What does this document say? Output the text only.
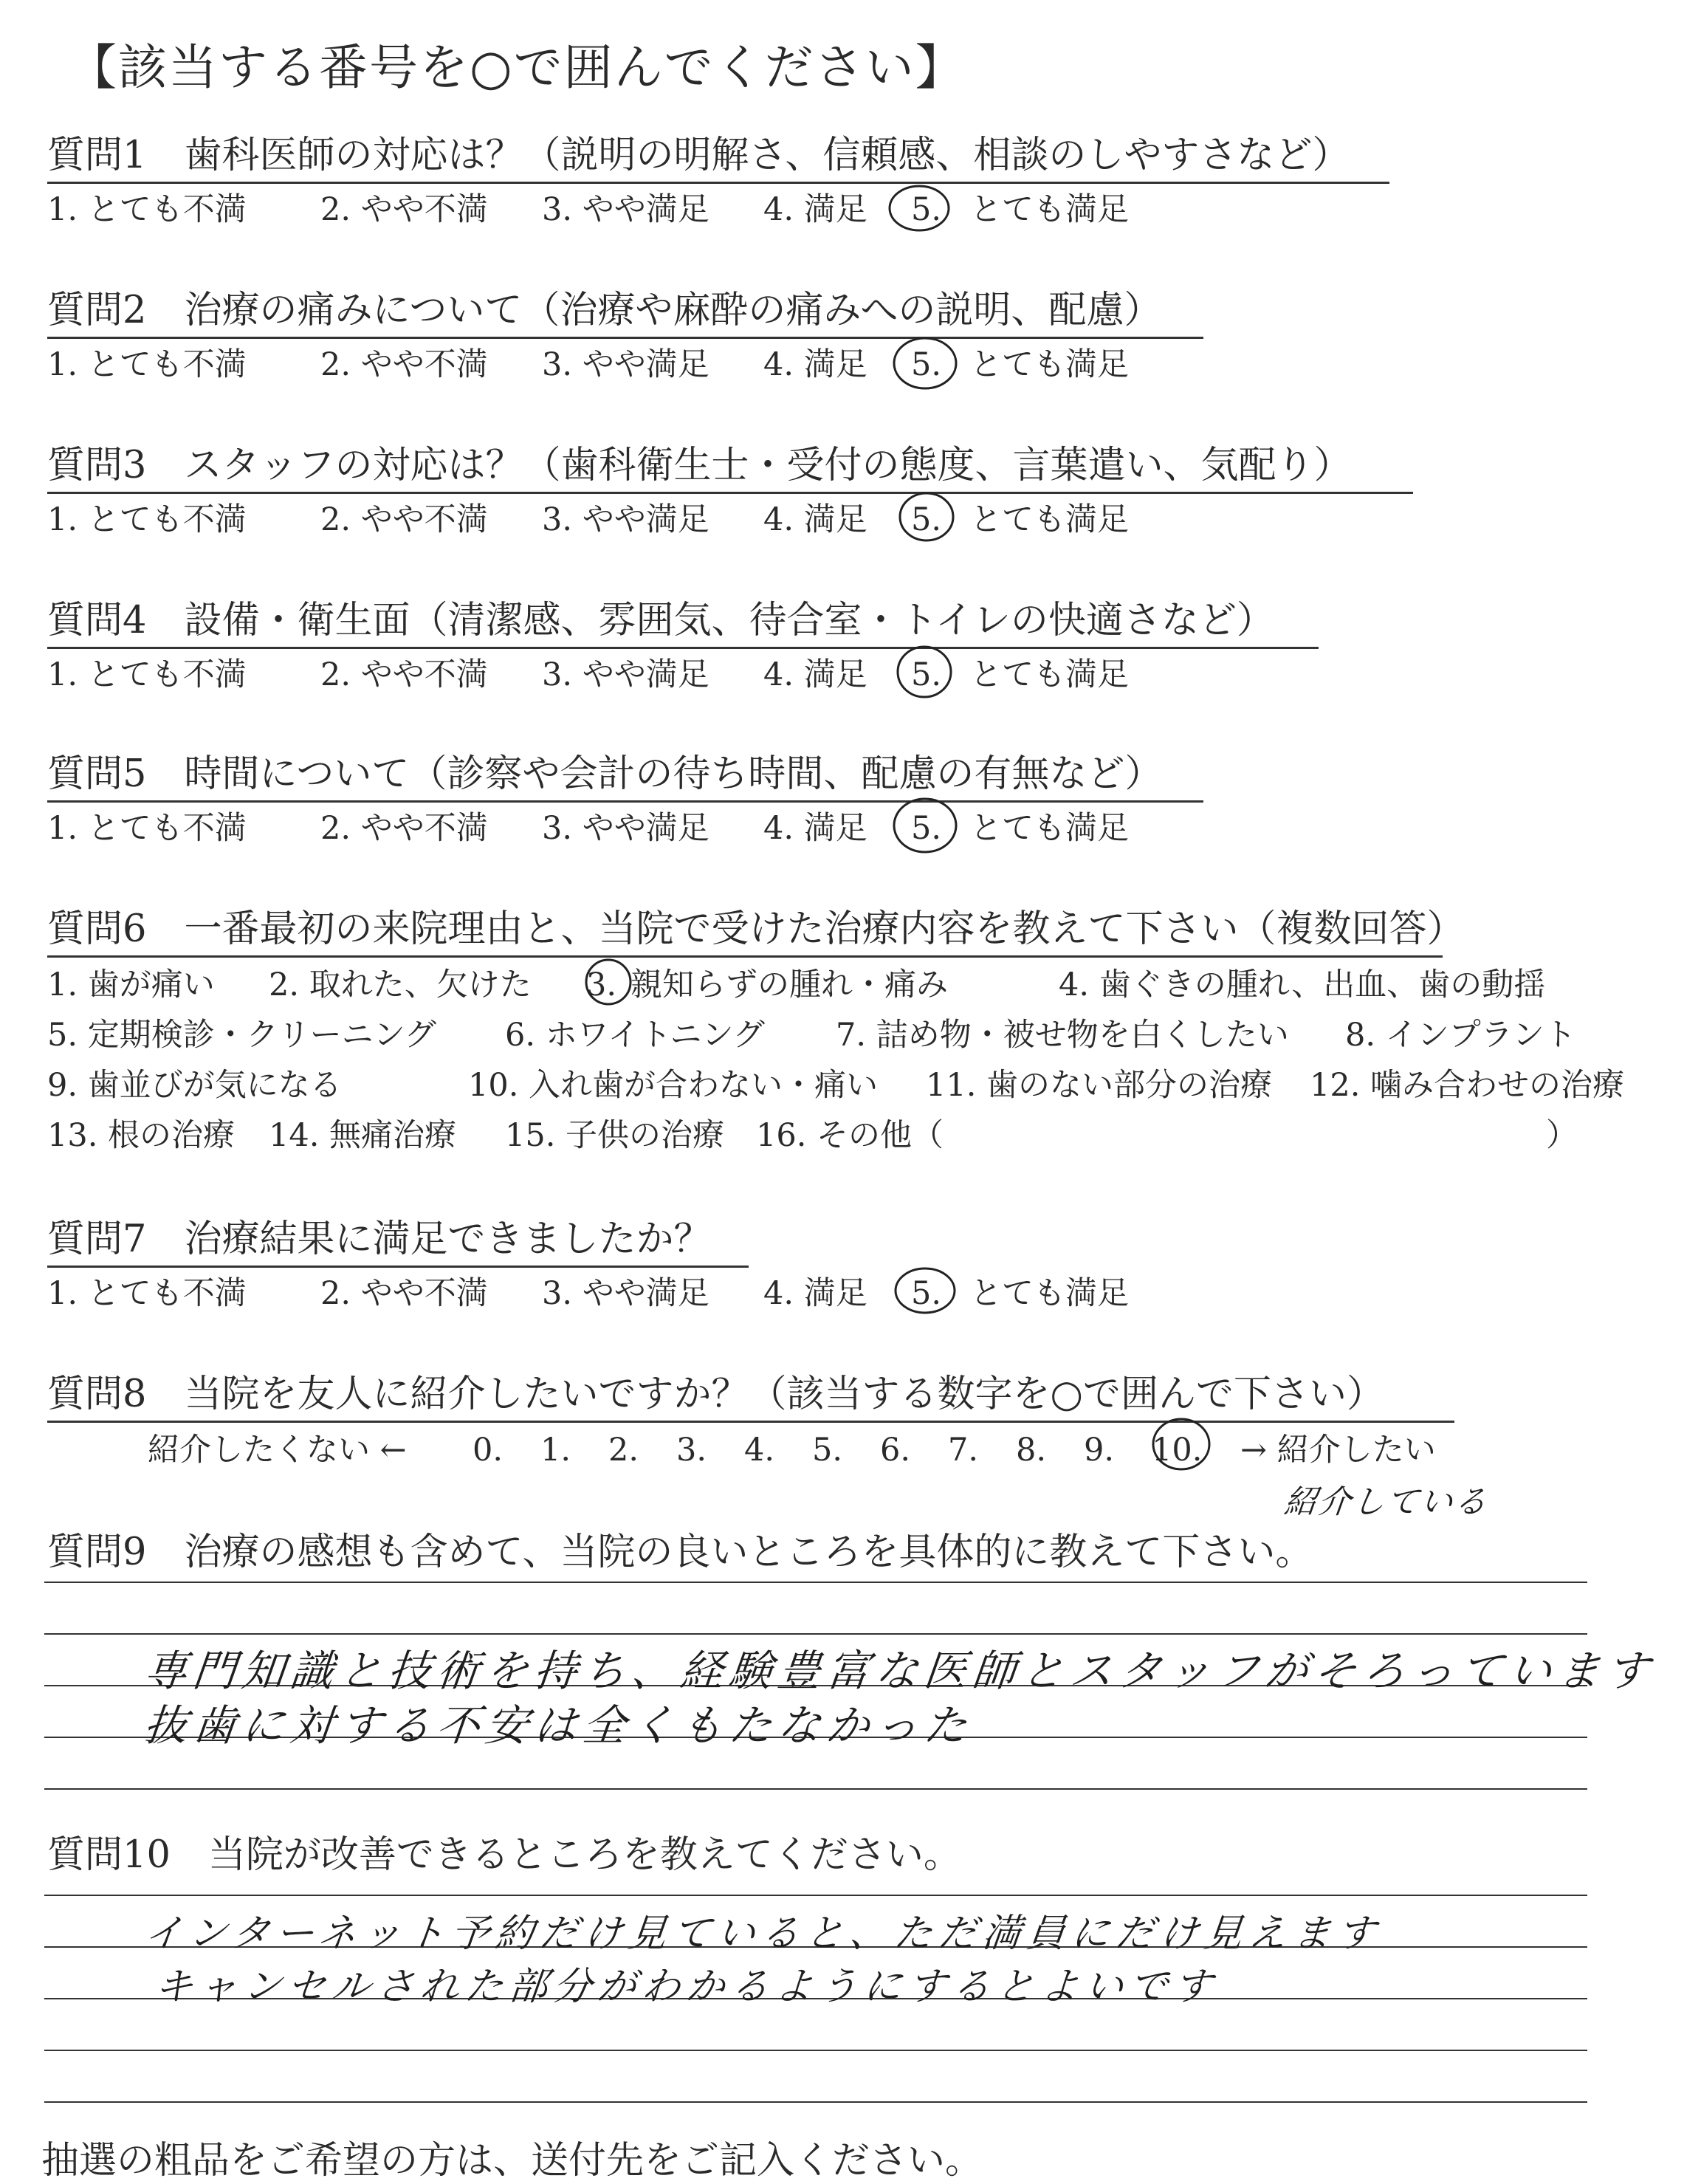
【該当する番号を○で囲んでください】
質問1　歯科医師の対応は？（説明の明解さ、信頼感、相談のしやすさなど）
1. とても不満 2. やや不満 3. やや満足 4. 満足 5. とても満足
質問2　治療の痛みについて（治療や麻酔の痛みへの説明、配慮）
1. とても不満 2. やや不満 3. やや満足 4. 満足 5. とても満足
質問3　スタッフの対応は？（歯科衛生士・受付の態度、言葉遣い、気配り）
1. とても不満 2. やや不満 3. やや満足 4. 満足 5. とても満足
質問4　設備・衛生面（清潔感、雰囲気、待合室・トイレの快適さなど）
1. とても不満 2. やや不満 3. やや満足 4. 満足 5. とても満足
質問5　時間について（診察や会計の待ち時間、配慮の有無など）
1. とても不満 2. やや不満 3. やや満足 4. 満足 5. とても満足
質問6　一番最初の来院理由と、当院で受けた治療内容を教えて下さい（複数回答）
1. 歯が痛い 2. 取れた、欠けた 3. 親知らずの腫れ・痛み	4. 歯ぐきの腫れ、出血、歯の動揺
5. 定期検診・クリーニング 6. ホワイトニング 7. 詰め物・被せ物を白くしたい 8. インプラント
9. 歯並びが気になる	10. 入れ歯が合わない・痛い 11. 歯のない部分の治療 12. 噛み合わせの治療
13. 根の治療 14. 無痛治療 15. 子供の治療 16. その他（	）
質問7　治療結果に満足できましたか？
1. とても不満 2. やや不満 3. やや満足 4. 満足 5. とても満足
質問8　当院を友人に紹介したいですか？（該当する数字を○で囲んで下さい）
紹介したくない ← 0. 1. 2. 3. 4. 5. 6. 7. 8. 9. 10. → 紹介したい
紹介している
質問9　治療の感想も含めて、当院の良いところを具体的に教えて下さい。
専門知識と技術を持ち、経験豊富な医師とスタッフがそろっています
抜歯に対する不安は全くもたなかった
質問10　当院が改善できるところを教えてください。
インターネット予約だけ見ていると、ただ満員にだけ見えます
キャンセルされた部分がわかるようにするとよいです
抽選の粗品をご希望の方は、送付先をご記入ください。
